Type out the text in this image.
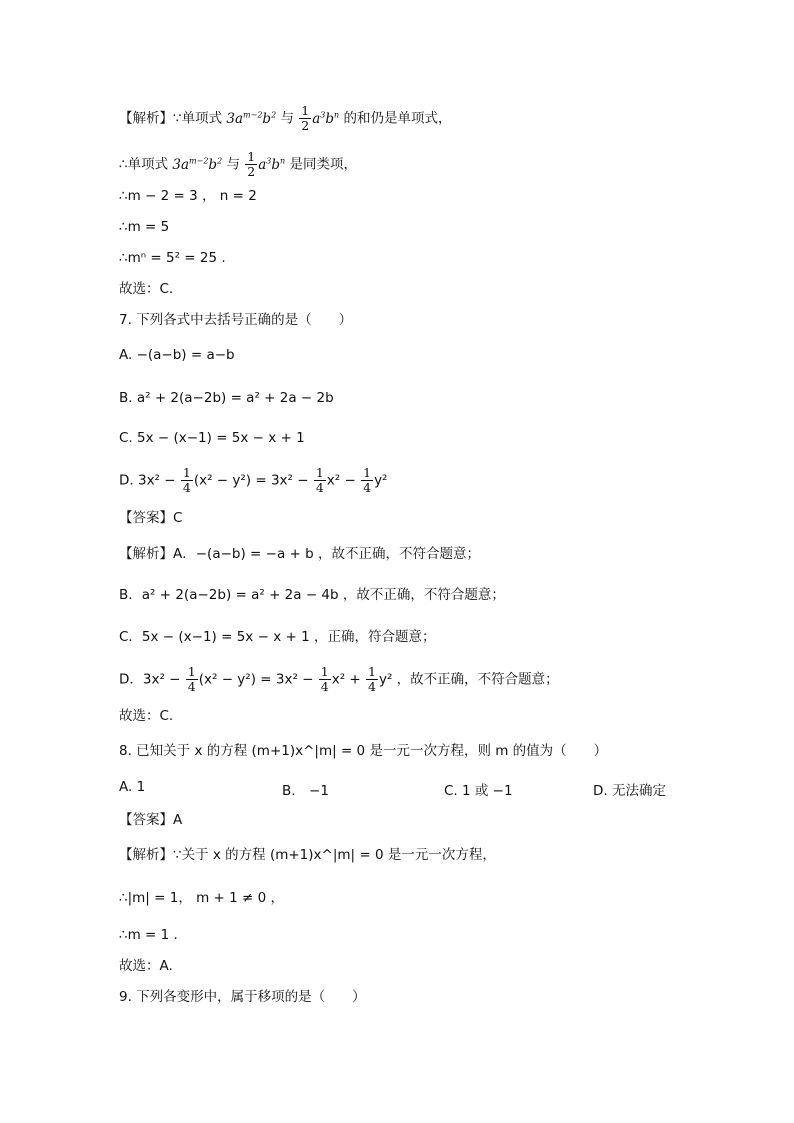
【解析】∵单项式 $3a^{m-2}b^2$ 与 $\frac{1}{2} a^3b^n$ 的和仍是单项式，
∴单项式 $3a^{m-2}b^2$ 与 $\frac{1}{2} a^3b^n$ 是同类项，
∴m − 2 = 3 ， n = 2
∴m = 5
∴mⁿ = 5² = 25 .
故选：C.
7. 下列各式中去括号正确的是（　　）
A. −(a−b) = a−b
B. a² + 2(a−2b) = a² + 2a − 2b
C. 5x − (x−1) = 5x − x + 1
D. $3x^2 - \frac{1}{4} (x^2 - y^2) = 3x^2 - \frac{1}{4} x^2 - \frac{1}{4} y^2$
【答案】C
【解析】A．−(a−b) = −a + b ，故不正确，不符合题意；
B．a² + 2(a−2b) = a² + 2a − 4b ，故不正确，不符合题意；
C．5x − (x−1) = 5x − x + 1 ，正确，符合题意；
D．$3x^2 - \frac{1}{4} (x^2 - y^2) = 3x^2 - \frac{1}{4} x^2 + \frac{1}{4} y^2$ ，故不正确，不符合题意；
故选：C.
8. 已知关于 x 的方程 (m+1)x^|m| = 0 是一元一次方程，则 m 的值为（　　）
A. 1	B.　−1	C. 1 或 −1	D. 无法确定
【答案】A
【解析】∵关于 x 的方程 (m+1)x^|m| = 0 是一元一次方程，
∴|m| = 1， m + 1 ≠ 0 ，
∴m = 1 .
故选：A.
9. 下列各变形中，属于移项的是（　　）
